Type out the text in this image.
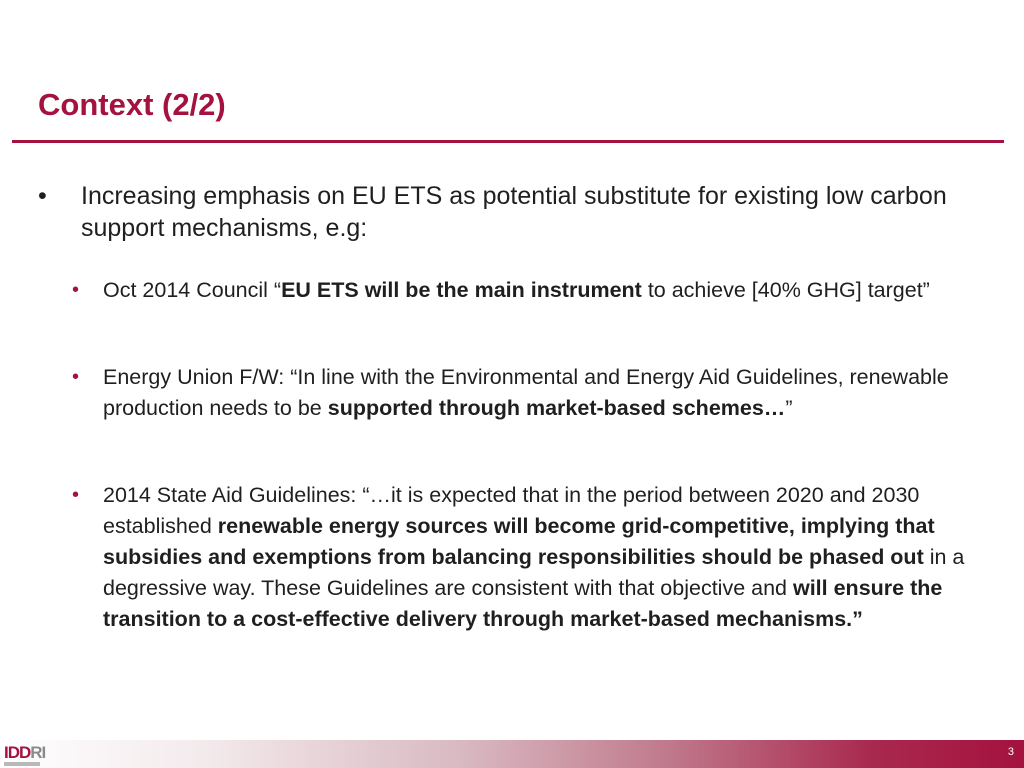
Context (2/2)
• Increasing emphasis on EU ETS as potential substitute for existing low carbon support mechanisms, e.g:
• Oct 2014 Council “EU ETS will be the main instrument to achieve [40% GHG] target”
• Energy Union F/W: “In line with the Environmental and Energy Aid Guidelines, renewable production needs to be supported through market-based schemes…”
• 2014 State Aid Guidelines: “…it is expected that in the period between 2020 and 2030 established renewable energy sources will become grid-competitive, implying that subsidies and exemptions from balancing responsibilities should be phased out in a degressive way. These Guidelines are consistent with that objective and will ensure the transition to a cost-effective delivery through market-based mechanisms.”
IDDRI	3
